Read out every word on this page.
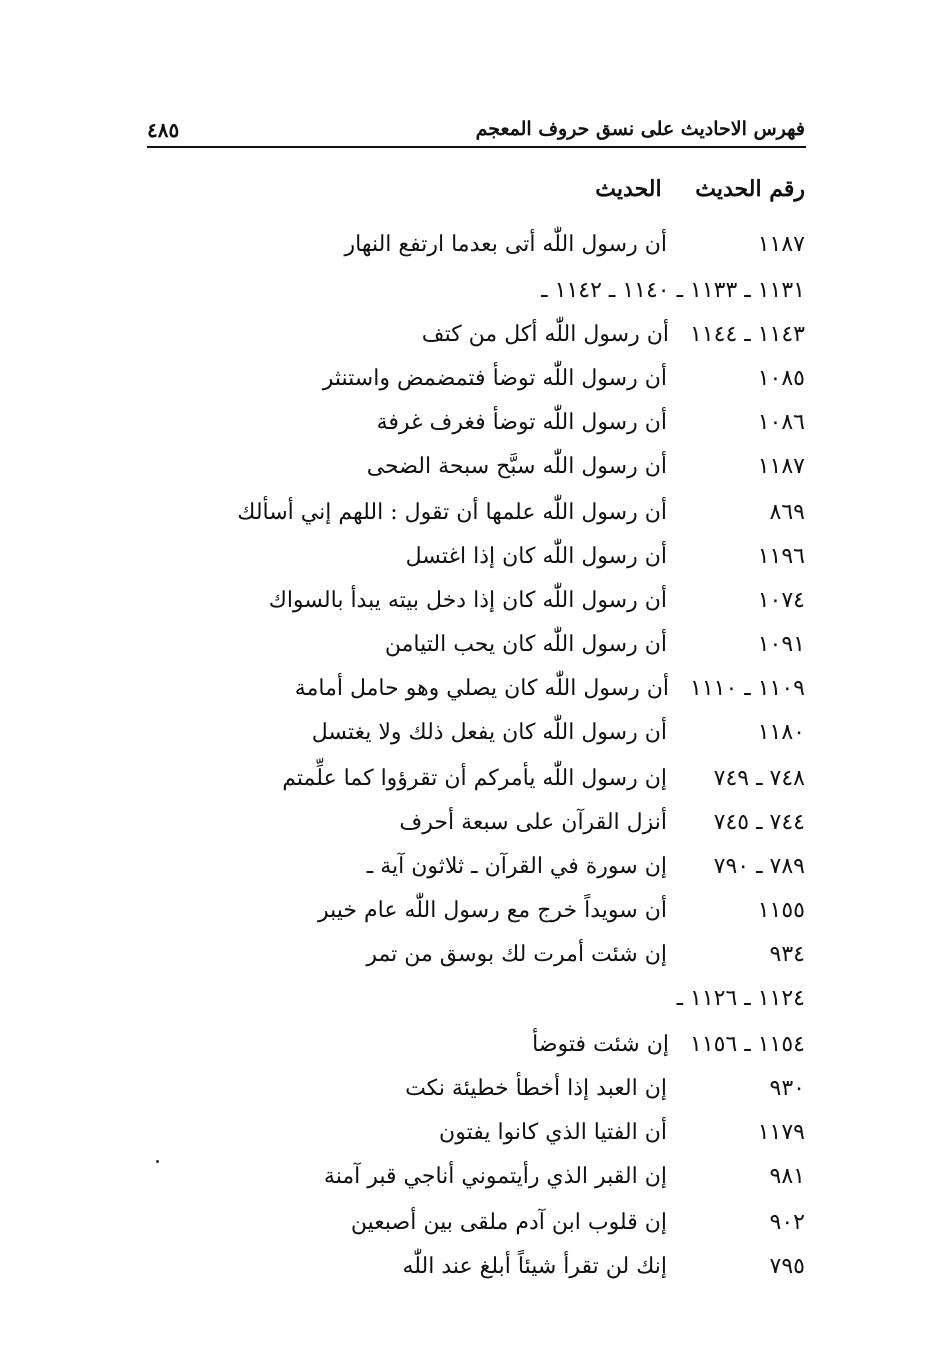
فهرس الاحاديث على نسق حروف المعجم
٤٨٥
رقم الحديث الحديث
١١٨٧
أن رسول اللّٰه أتى بعدما ارتفع النهار
١١٣١ ـ ١١٣٣ ـ ١١٤٠ ـ ١١٤٢ ـ
١١٤٣ ـ ١١٤٤
أن رسول اللّٰه أكل من كتف
١٠٨٥
أن رسول اللّٰه توضأ فتمضمض واستنثر
١٠٨٦
أن رسول اللّٰه توضأ فغرف غرفة
١١٨٧
أن رسول اللّٰه سبَّح سبحة الضحى
٨٦٩
أن رسول اللّٰه علمها أن تقول : اللهم إني أسألك
١١٩٦
أن رسول اللّٰه كان إذا اغتسل
١٠٧٤
أن رسول اللّٰه كان إذا دخل بيته يبدأ بالسواك
١٠٩١
أن رسول اللّٰه كان يحب التيامن
١١٠٩ ـ ١١١٠
أن رسول اللّٰه كان يصلي وهو حامل أمامة
١١٨٠
أن رسول اللّٰه كان يفعل ذلك ولا يغتسل
٧٤٨ ـ ٧٤٩
إن رسول اللّٰه يأمركم أن تقرؤوا كما علِّمتم
٧٤٤ ـ ٧٤٥
أنزل القرآن على سبعة أحرف
٧٨٩ ـ ٧٩٠
إن سورة في القرآن ـ ثلاثون آية ـ
١١٥٥
أن سويداً خرج مع رسول اللّٰه عام خيبر
٩٣٤
إن شئت أمرت لك بوسق من تمر
١١٢٤ ـ ١١٢٦ ـ
١١٥٤ ـ ١١٥٦
إن شئت فتوضأ
٩٣٠
إن العبد إذا أخطأ خطيئة نكت
١١٧٩
أن الفتيا الذي كانوا يفتون
٩٨١
إن القبر الذي رأيتموني أناجي قبر آمنة
٩٠٢
إن قلوب ابن آدم ملقى بين أصبعين
٧٩٥
إنك لن تقرأ شيئاً أبلغ عند اللّٰه
